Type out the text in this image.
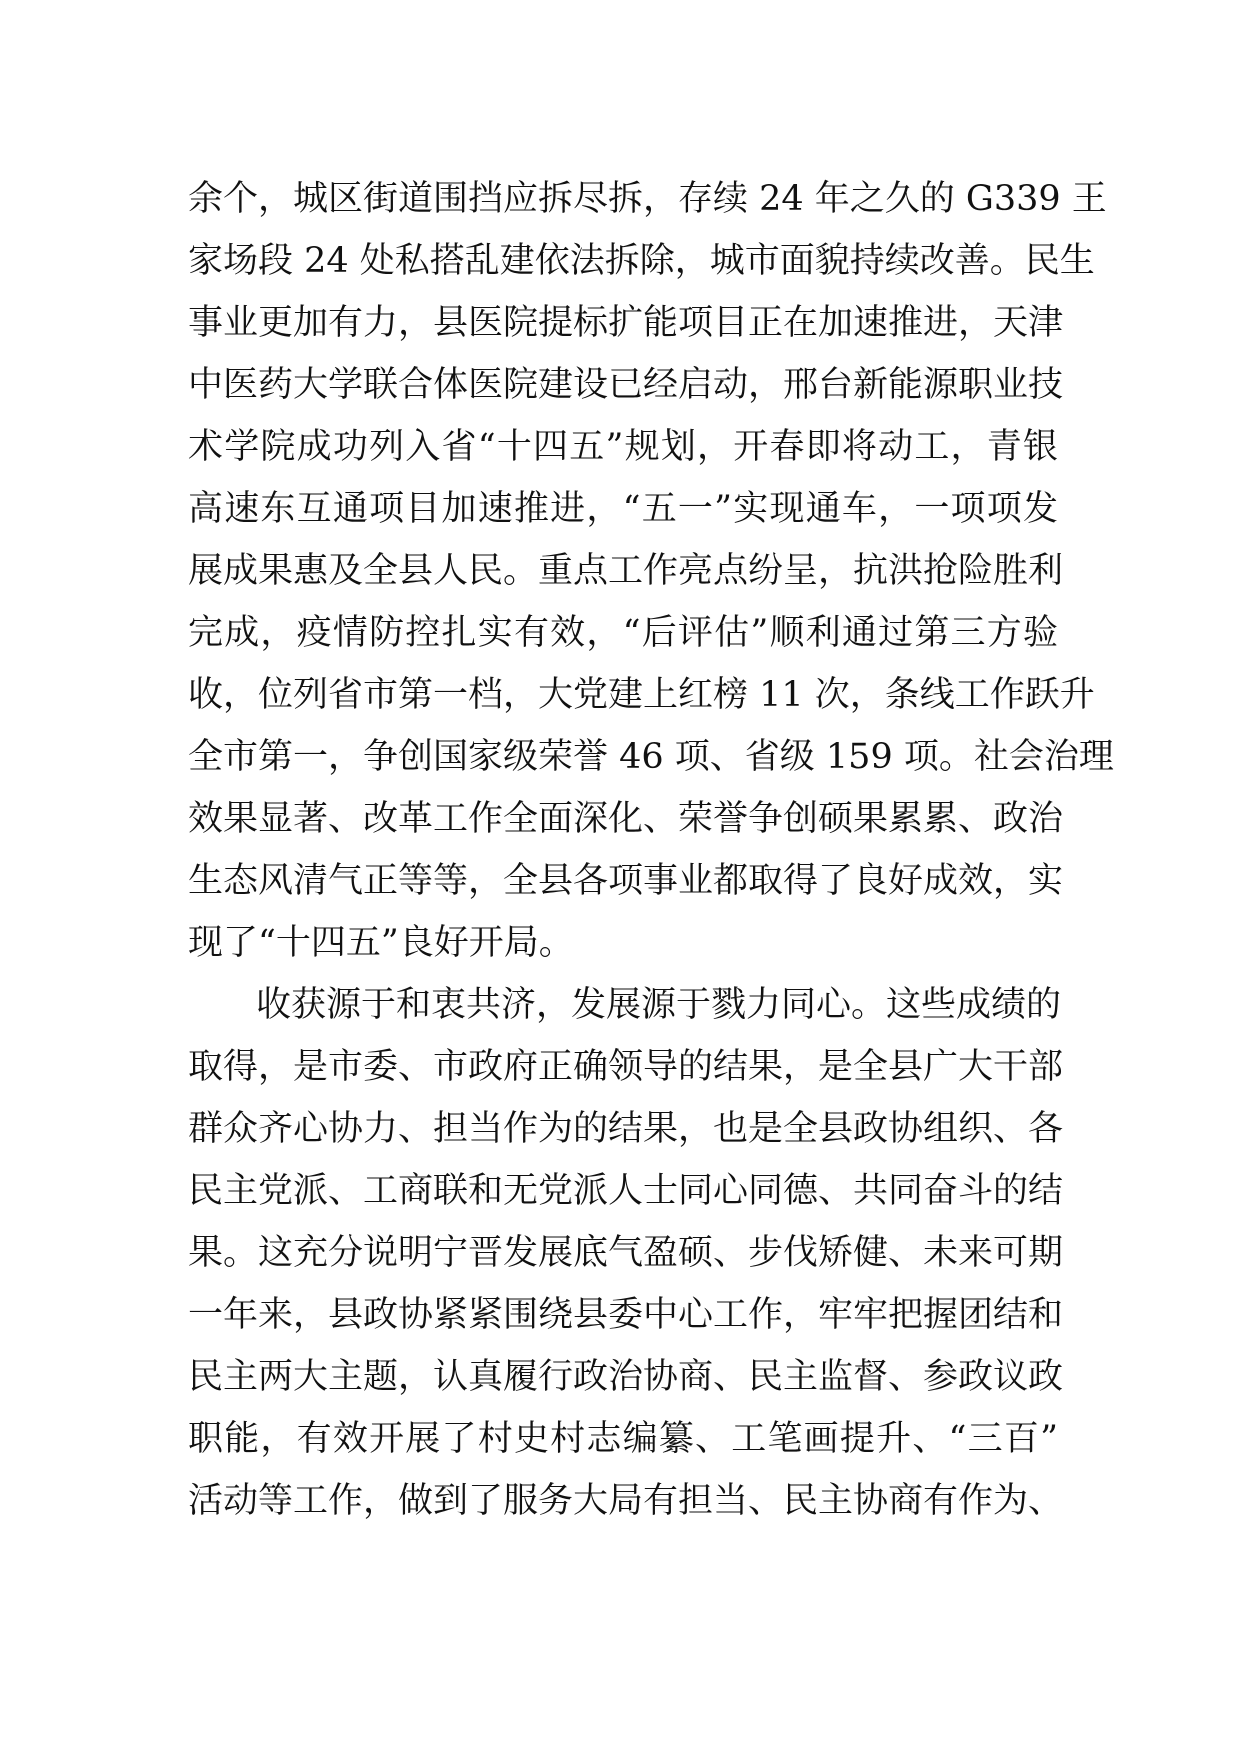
余个，城区街道围挡应拆尽拆，存续 24 年之久的 G339 王
家场段 24 处私搭乱建依法拆除，城市面貌持续改善。民生
事业更加有力，县医院提标扩能项目正在加速推进，天津
中医药大学联合体医院建设已经启动，邢台新能源职业技
术学院成功列入省“十四五”规划，开春即将动工，青银
高速东互通项目加速推进，“五一”实现通车，一项项发
展成果惠及全县人民。重点工作亮点纷呈，抗洪抢险胜利
完成，疫情防控扎实有效，“后评估”顺利通过第三方验
收，位列省市第一档，大党建上红榜 11 次，条线工作跃升
全市第一，争创国家级荣誉 46 项、省级 159 项。社会治理
效果显著、改革工作全面深化、荣誉争创硕果累累、政治
生态风清气正等等，全县各项事业都取得了良好成效，实
现了“十四五”良好开局。
收获源于和衷共济，发展源于戮力同心。这些成绩的
取得，是市委、市政府正确领导的结果，是全县广大干部
群众齐心协力、担当作为的结果，也是全县政协组织、各
民主党派、工商联和无党派人士同心同德、共同奋斗的结
果。这充分说明宁晋发展底气盈硕、步伐矫健、未来可期
一年来，县政协紧紧围绕县委中心工作，牢牢把握团结和
民主两大主题，认真履行政治协商、民主监督、参政议政
职能，有效开展了村史村志编纂、工笔画提升、“三百”
活动等工作，做到了服务大局有担当、民主协商有作为、
